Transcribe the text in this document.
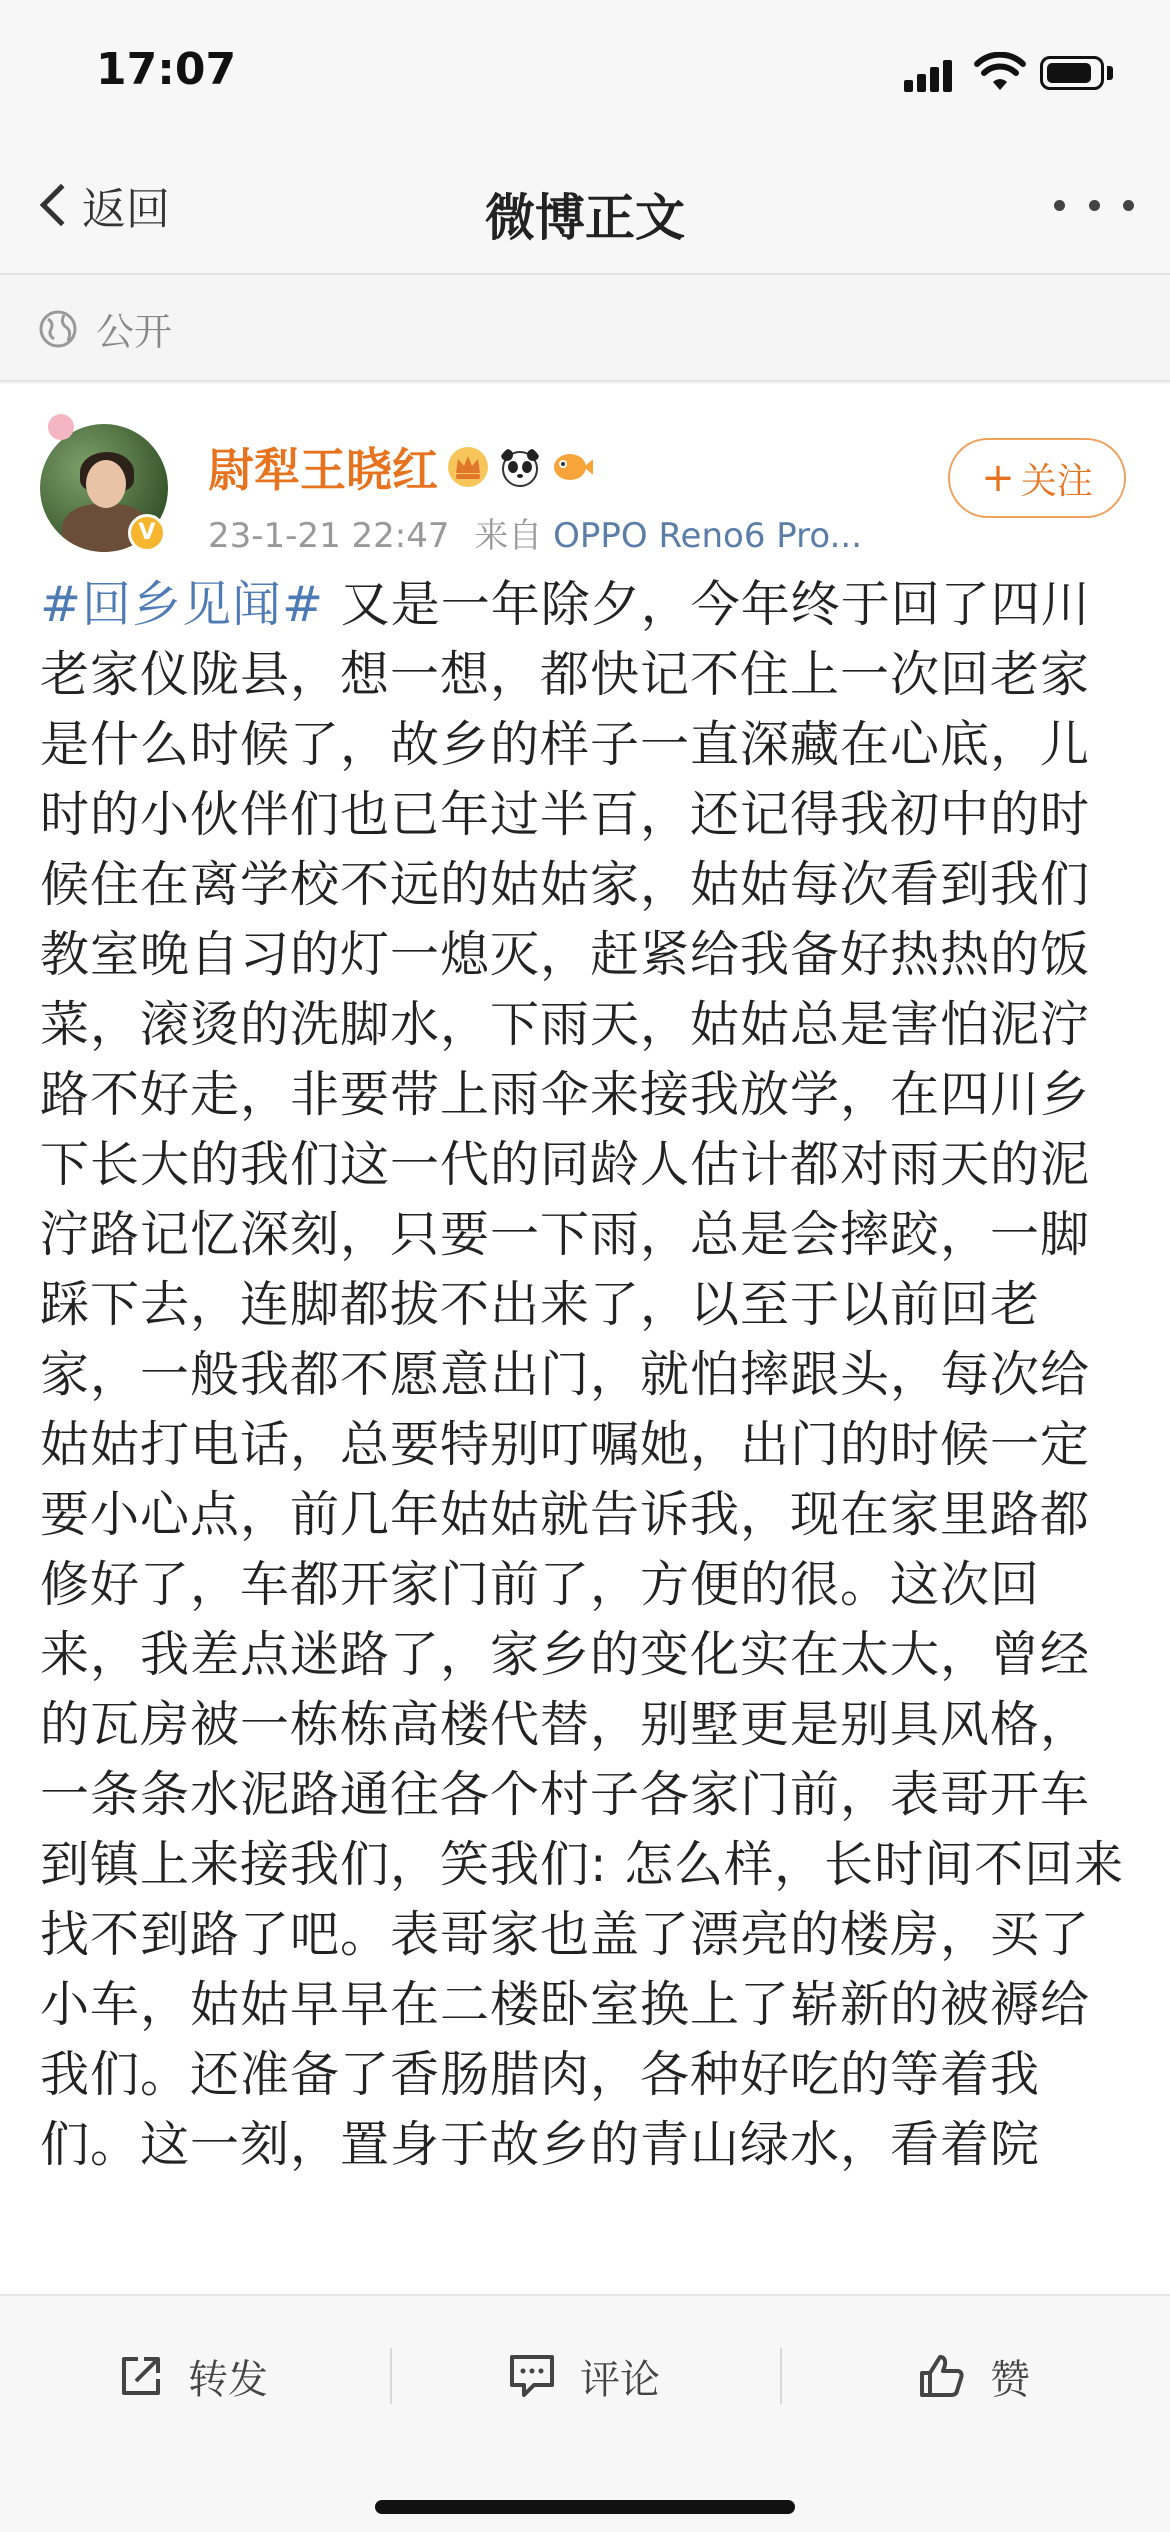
17:07
返回	微博正文
公开
V
尉犁王晓红
23-1-21 22:47 来自 OPPO Reno6 Pro...
+ 关注
#回乡见闻# 又是一年除夕，今年终于回了四川老家仪陇县，想一想，都快记不住上一次回老家是什么时候了，故乡的样子一直深藏在心底，儿时的小伙伴们也已年过半百，还记得我初中的时候住在离学校不远的姑姑家，姑姑每次看到我们教室晚自习的灯一熄灭，赶紧给我备好热热的饭菜，滚烫的洗脚水，下雨天，姑姑总是害怕泥泞路不好走，非要带上雨伞来接我放学，在四川乡下长大的我们这一代的同龄人估计都对雨天的泥泞路记忆深刻，只要一下雨，总是会摔跤，一脚踩下去，连脚都拔不出来了，以至于以前回老家，一般我都不愿意出门，就怕摔跟头，每次给姑姑打电话，总要特别叮嘱她，出门的时候一定要小心点，前几年姑姑就告诉我，现在家里路都修好了，车都开家门前了，方便的很。这次回来，我差点迷路了，家乡的变化实在太大，曾经的瓦房被一栋栋高楼代替，别墅更是别具风格，一条条水泥路通往各个村子各家门前，表哥开车到镇上来接我们，笑我们: 怎么样，长时间不回来找不到路了吧。表哥家也盖了漂亮的楼房，买了小车，姑姑早早在二楼卧室换上了崭新的被褥给我们。还准备了香肠腊肉，各种好吃的等着我们。这一刻，置身于故乡的青山绿水，看着院
转发	评论	赞
